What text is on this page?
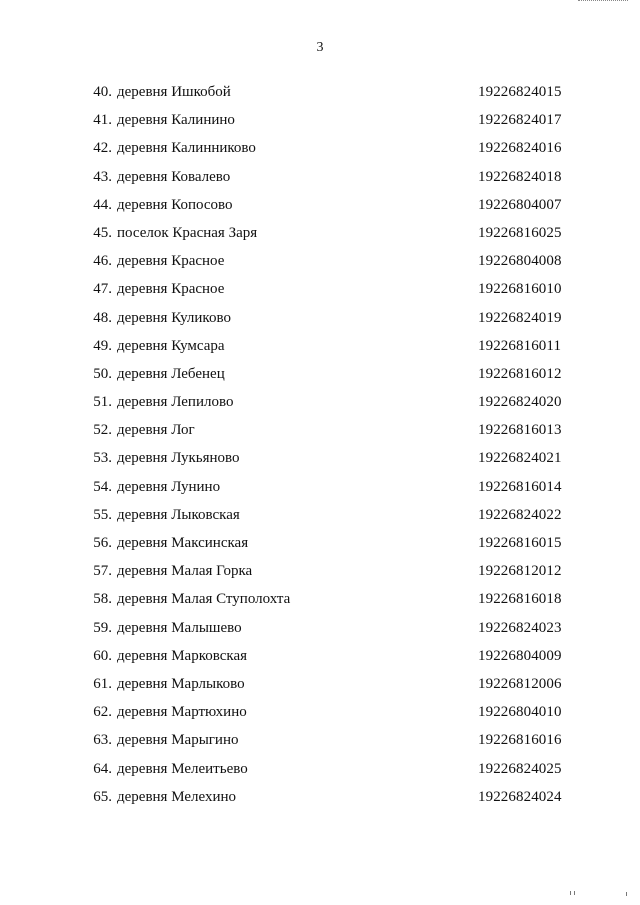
3
40. деревня Ишкобой	19226824015
41. деревня Калинино	19226824017
42. деревня Калинниково	19226824016
43. деревня Ковалево	19226824018
44. деревня Копосово	19226804007
45. поселок Красная Заря	19226816025
46. деревня Красное	19226804008
47. деревня Красное	19226816010
48. деревня Куликово	19226824019
49. деревня Кумсара	19226816011
50. деревня Лебенец	19226816012
51. деревня Лепилово	19226824020
52. деревня Лог	19226816013
53. деревня Лукьяново	19226824021
54. деревня Лунино	19226816014
55. деревня Лыковская	19226824022
56. деревня Максинская	19226816015
57. деревня Малая Горка	19226812012
58. деревня Малая Ступолохта	19226816018
59. деревня Малышево	19226824023
60. деревня Марковская	19226804009
61. деревня Марлыково	19226812006
62. деревня Мартюхино	19226804010
63. деревня Марыгино	19226816016
64. деревня Мелеитьево	19226824025
65. деревня Мелехино	19226824024
